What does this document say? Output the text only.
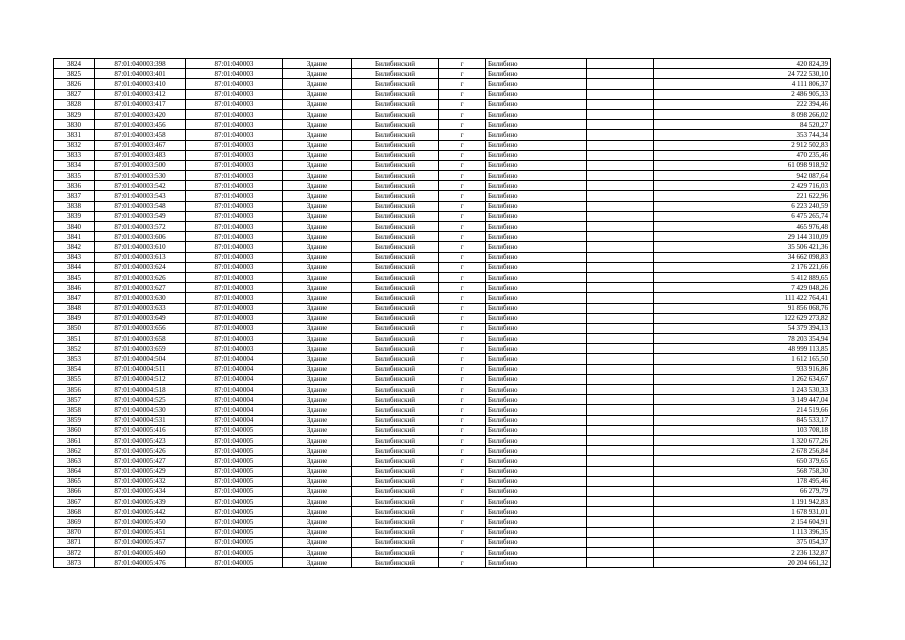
3824	87:01:040003:398	87:01:040003	Здание	Билибинский	г	Билибино		420 824,39
3825	87:01:040003:401	87:01:040003	Здание	Билибинский	г	Билибино		24 722 530,10
3826	87:01:040003:410	87:01:040003	Здание	Билибинский	г	Билибино		4 111 806,37
3827	87:01:040003:412	87:01:040003	Здание	Билибинский	г	Билибино		2 486 905,33
3828	87:01:040003:417	87:01:040003	Здание	Билибинский	г	Билибино		222 394,46
3829	87:01:040003:420	87:01:040003	Здание	Билибинский	г	Билибино		8 098 266,02
3830	87:01:040003:456	87:01:040003	Здание	Билибинский	г	Билибино		84 520,27
3831	87:01:040003:458	87:01:040003	Здание	Билибинский	г	Билибино		353 744,34
3832	87:01:040003:467	87:01:040003	Здание	Билибинский	г	Билибино		2 912 502,83
3833	87:01:040003:483	87:01:040003	Здание	Билибинский	г	Билибино		470 235,46
3834	87:01:040003:500	87:01:040003	Здание	Билибинский	г	Билибино		61 098 918,92
3835	87:01:040003:530	87:01:040003	Здание	Билибинский	г	Билибино		942 087,64
3836	87:01:040003:542	87:01:040003	Здание	Билибинский	г	Билибино		2 429 716,03
3837	87:01:040003:543	87:01:040003	Здание	Билибинский	г	Билибино		221 622,96
3838	87:01:040003:548	87:01:040003	Здание	Билибинский	г	Билибино		6 223 240,59
3839	87:01:040003:549	87:01:040003	Здание	Билибинский	г	Билибино		6 475 265,74
3840	87:01:040003:572	87:01:040003	Здание	Билибинский	г	Билибино		465 976,48
3841	87:01:040003:606	87:01:040003	Здание	Билибинский	г	Билибино		29 144 310,09
3842	87:01:040003:610	87:01:040003	Здание	Билибинский	г	Билибино		35 506 421,36
3843	87:01:040003:613	87:01:040003	Здание	Билибинский	г	Билибино		34 662 098,83
3844	87:01:040003:624	87:01:040003	Здание	Билибинский	г	Билибино		2 176 221,66
3845	87:01:040003:626	87:01:040003	Здание	Билибинский	г	Билибино		5 412 889,65
3846	87:01:040003:627	87:01:040003	Здание	Билибинский	г	Билибино		7 429 048,26
3847	87:01:040003:630	87:01:040003	Здание	Билибинский	г	Билибино		111 422 764,41
3848	87:01:040003:633	87:01:040003	Здание	Билибинский	г	Билибино		91 856 068,76
3849	87:01:040003:649	87:01:040003	Здание	Билибинский	г	Билибино		122 629 273,82
3850	87:01:040003:656	87:01:040003	Здание	Билибинский	г	Билибино		54 379 394,13
3851	87:01:040003:658	87:01:040003	Здание	Билибинский	г	Билибино		78 203 354,94
3852	87:01:040003:659	87:01:040003	Здание	Билибинский	г	Билибино		48 999 113,85
3853	87:01:040004:504	87:01:040004	Здание	Билибинский	г	Билибино		1 612 165,50
3854	87:01:040004:511	87:01:040004	Здание	Билибинский	г	Билибино		933 916,86
3855	87:01:040004:512	87:01:040004	Здание	Билибинский	г	Билибино		1 262 634,67
3856	87:01:040004:518	87:01:040004	Здание	Билибинский	г	Билибино		1 243 530,33
3857	87:01:040004:525	87:01:040004	Здание	Билибинский	г	Билибино		3 149 447,04
3858	87:01:040004:530	87:01:040004	Здание	Билибинский	г	Билибино		214 519,66
3859	87:01:040004:531	87:01:040004	Здание	Билибинский	г	Билибино		845 533,17
3860	87:01:040005:416	87:01:040005	Здание	Билибинский	г	Билибино		103 708,18
3861	87:01:040005:423	87:01:040005	Здание	Билибинский	г	Билибино		1 320 677,26
3862	87:01:040005:426	87:01:040005	Здание	Билибинский	г	Билибино		2 678 256,84
3863	87:01:040005:427	87:01:040005	Здание	Билибинский	г	Билибино		650 379,65
3864	87:01:040005:429	87:01:040005	Здание	Билибинский	г	Билибино		568 758,30
3865	87:01:040005:432	87:01:040005	Здание	Билибинский	г	Билибино		178 495,46
3866	87:01:040005:434	87:01:040005	Здание	Билибинский	г	Билибино		66 279,79
3867	87:01:040005:439	87:01:040005	Здание	Билибинский	г	Билибино		1 191 942,83
3868	87:01:040005:442	87:01:040005	Здание	Билибинский	г	Билибино		1 678 931,01
3869	87:01:040005:450	87:01:040005	Здание	Билибинский	г	Билибино		2 154 604,91
3870	87:01:040005:451	87:01:040005	Здание	Билибинский	г	Билибино		1 113 396,35
3871	87:01:040005:457	87:01:040005	Здание	Билибинский	г	Билибино		375 054,37
3872	87:01:040005:460	87:01:040005	Здание	Билибинский	г	Билибино		2 236 132,87
3873	87:01:040005:476	87:01:040005	Здание	Билибинский	г	Билибино		20 204 661,32
